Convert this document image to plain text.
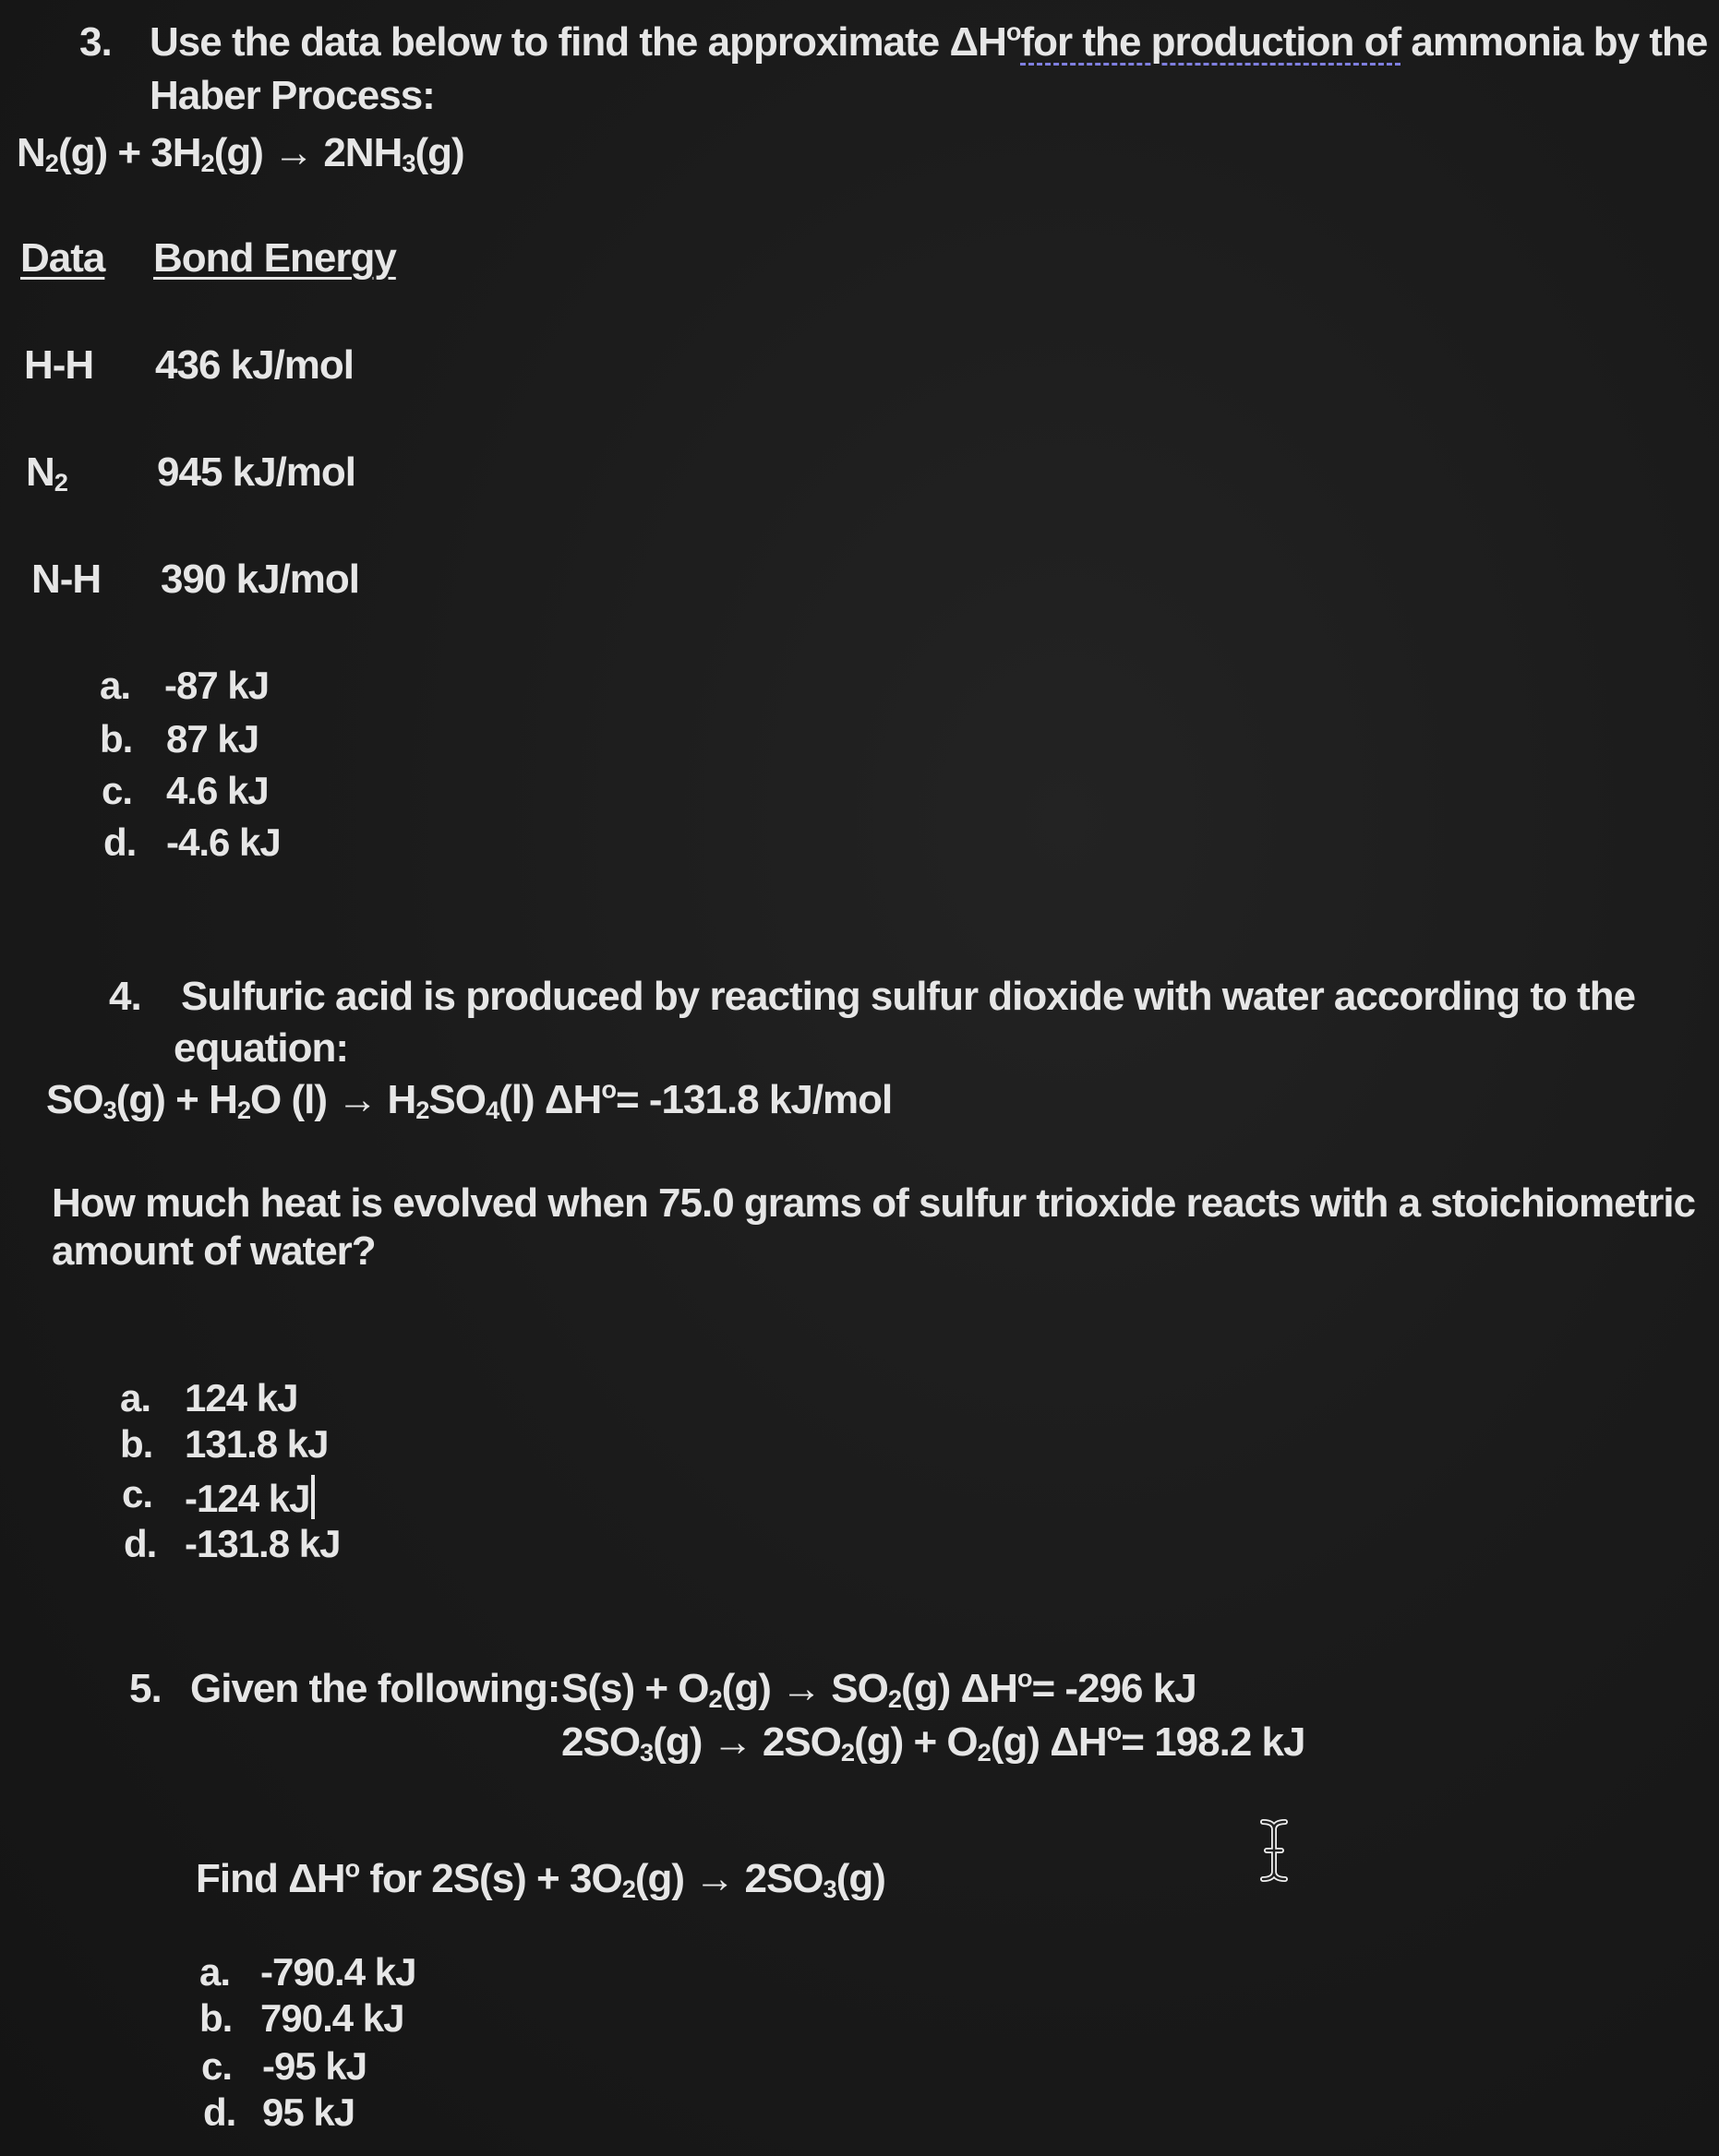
3. Use the data below to find the approximate $\Delta H^ofor$ the production of ammonia by the
Haber Process:
$N_2(g) + 3H_2(g) \to 2NH_3(g)$
Data Bond Energy
H-H 436 kJ/mol
$N_2$ 945 kJ/mol
N-H 390 kJ/mol
a. -87 kJ
b. 87 kJ
c. 4.6 kJ
d. -4.6 kJ
4. Sulfuric acid is produced by reacting sulfur dioxide with water according to the
equation:
$SO_3(g) + H_2O$ $(l) \to H_2SO_4(l)$ $\Delta H^o= -131.8$ kJ/mol
How much heat is evolved when 75.0 grams of sulfur trioxide reacts with a stoichiometric
amount of water?
a. 124 kJ
b. 131.8 kJ
c. -124 kJ
d. -131.8 kJ
5. Given the following: $S(s) + O_2(g) \to SO_2(g)$ $\Delta H^o= -296$ kJ
$2SO_3(g) \to 2SO_2(g) + O_2(g)$ $\Delta H^o= 198.2$ kJ
Find $\Delta H^o$ for $2S(s) + 3O_2(g) \to 2SO_3(g)$
a. -790.4 kJ
b. 790.4 kJ
c. -95 kJ
d. 95 kJ
